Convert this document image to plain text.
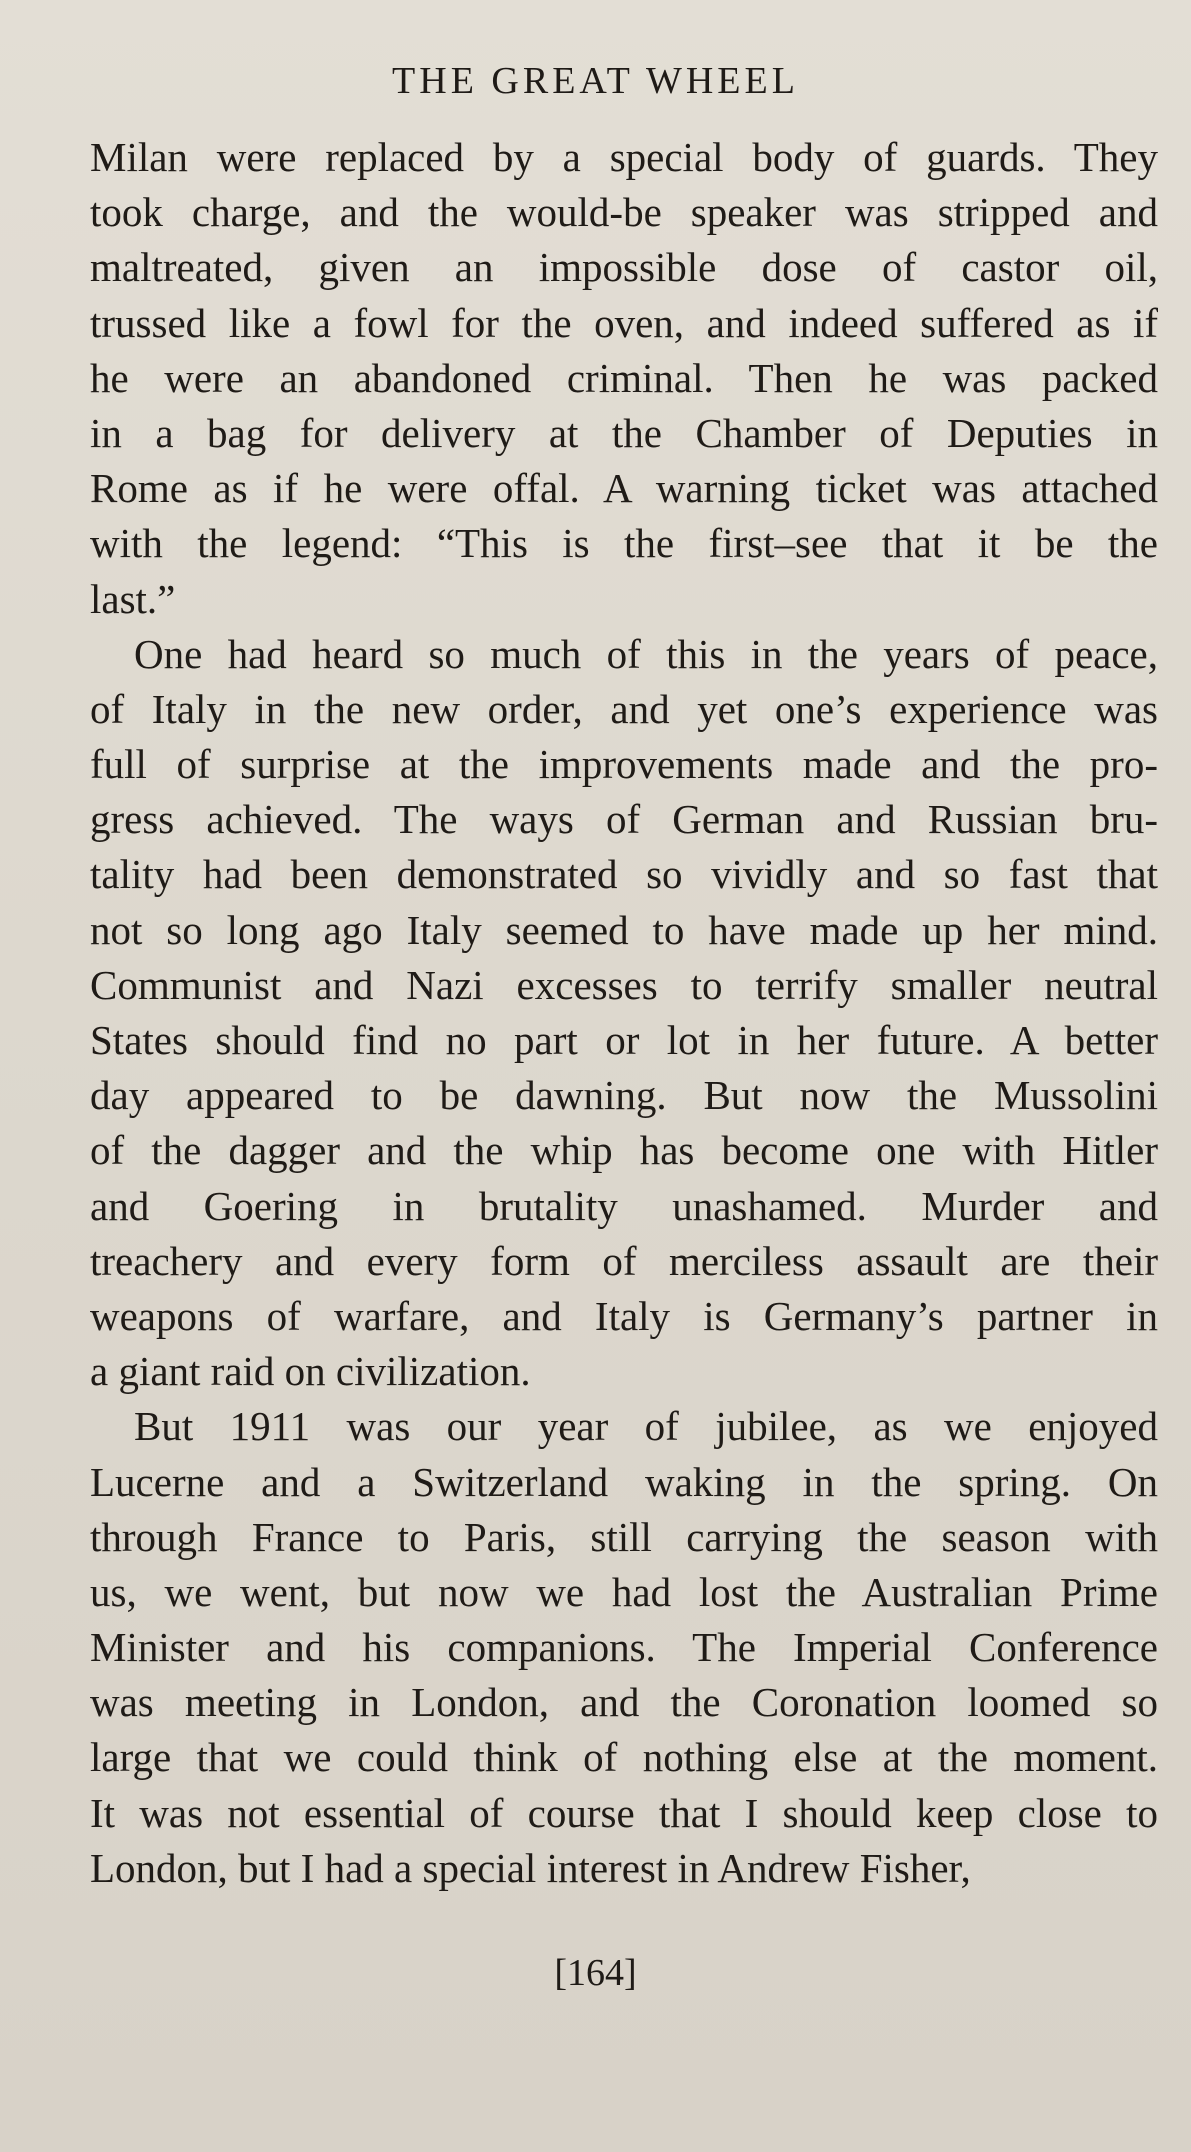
THE GREAT WHEEL
Milan were replaced by a special body of guards. They
took charge, and the would-be speaker was stripped and
maltreated, given an impossible dose of castor oil,
trussed like a fowl for the oven, and indeed suffered as if
he were an abandoned criminal. Then he was packed
in a bag for delivery at the Chamber of Deputies in
Rome as if he were offal. A warning ticket was attached
with the legend: “This is the first–see that it be the
last.”
One had heard so much of this in the years of peace,
of Italy in the new order, and yet one’s experience was
full of surprise at the improvements made and the pro-
gress achieved. The ways of German and Russian bru-
tality had been demonstrated so vividly and so fast that
not so long ago Italy seemed to have made up her mind.
Communist and Nazi excesses to terrify smaller neutral
States should find no part or lot in her future. A better
day appeared to be dawning. But now the Mussolini
of the dagger and the whip has become one with Hitler
and Goering in brutality unashamed. Murder and
treachery and every form of merciless assault are their
weapons of warfare, and Italy is Germany’s partner in
a giant raid on civilization.
But 1911 was our year of jubilee, as we enjoyed
Lucerne and a Switzerland waking in the spring. On
through France to Paris, still carrying the season with
us, we went, but now we had lost the Australian Prime
Minister and his companions. The Imperial Conference
was meeting in London, and the Coronation loomed so
large that we could think of nothing else at the moment.
It was not essential of course that I should keep close to
London, but I had a special interest in Andrew Fisher,
[164]
